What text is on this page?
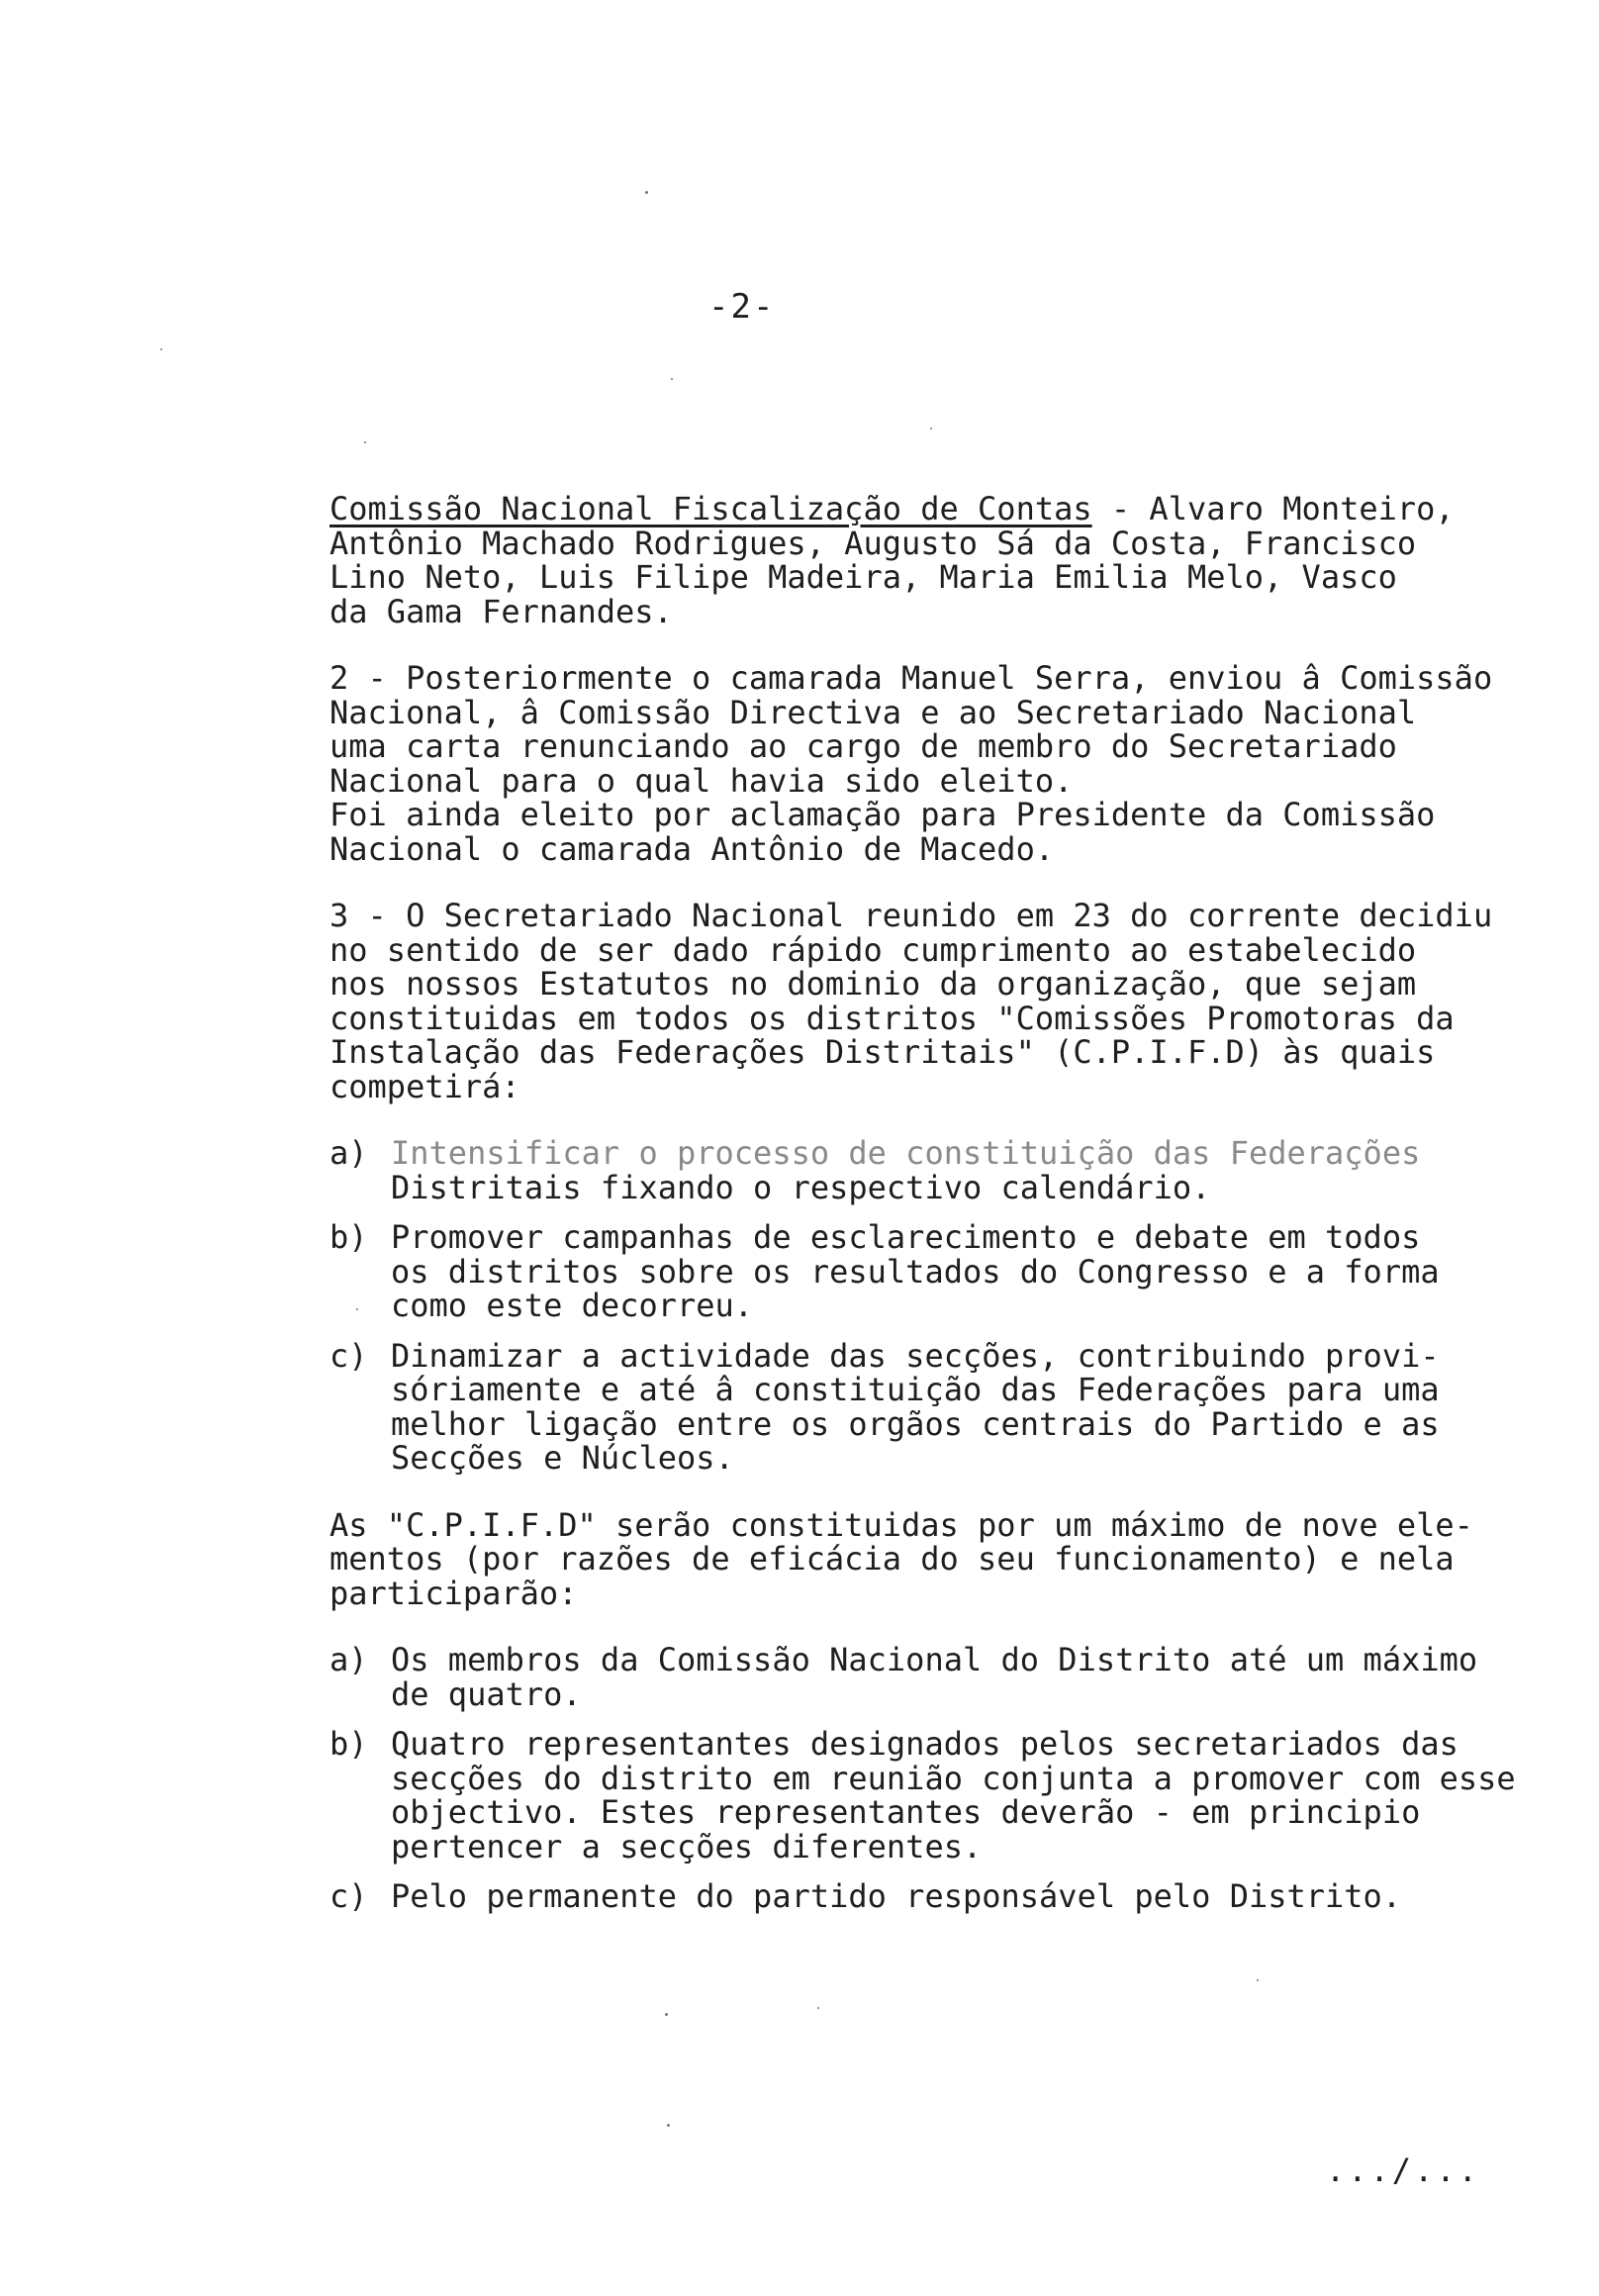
-2-
Comissão Nacional Fiscalização de Contas - Alvaro Monteiro,
Antônio Machado Rodrigues, Augusto Sá da Costa, Francisco
Lino Neto, Luis Filipe Madeira, Maria Emilia Melo, Vasco
da Gama Fernandes.
2 - Posteriormente o camarada Manuel Serra, enviou â Comissão
Nacional, â Comissão Directiva e ao Secretariado Nacional
uma carta renunciando ao cargo de membro do Secretariado
Nacional para o qual havia sido eleito.
Foi ainda eleito por aclamação para Presidente da Comissão
Nacional o camarada Antônio de Macedo.
3 - O Secretariado Nacional reunido em 23 do corrente decidiu
no sentido de ser dado rápido cumprimento ao estabelecido
nos nossos Estatutos no dominio da organização, que sejam
constituidas em todos os distritos "Comissões Promotoras da
Instalação das Federações Distritais" (C.P.I.F.D) às quais
competirá:
a) Intensificar o processo de constituição das Federações
Distritais fixando o respectivo calendário.
b) Promover campanhas de esclarecimento e debate em todos
os distritos sobre os resultados do Congresso e a forma
como este decorreu.
c) Dinamizar a actividade das secções, contribuindo provi-
sóriamente e até â constituição das Federações para uma
melhor ligação entre os orgãos centrais do Partido e as
Secções e Núcleos.
As "C.P.I.F.D" serão constituidas por um máximo de nove ele-
mentos (por razões de eficácia do seu funcionamento) e nela
participarão:
a) Os membros da Comissão Nacional do Distrito até um máximo
de quatro.
b) Quatro representantes designados pelos secretariados das
secções do distrito em reunião conjunta a promover com esse
objectivo. Estes representantes deverão - em principio
pertencer a secções diferentes.
c) Pelo permanente do partido responsável pelo Distrito.
.../...
